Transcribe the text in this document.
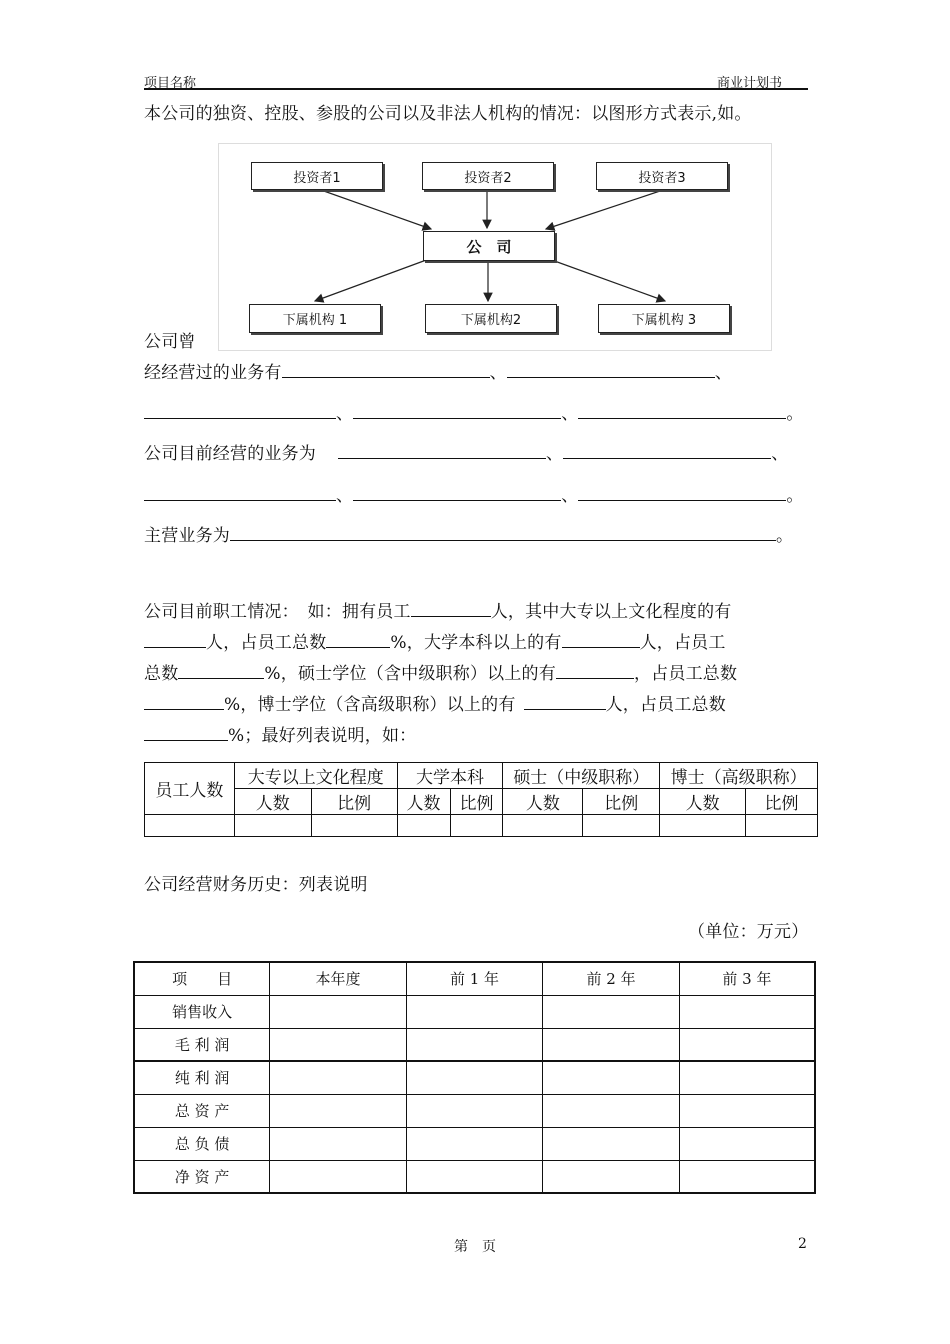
项目名称	商业计划书
本公司的独资、控股、参股的公司以及非法人机构的情况：以图形方式表示,如。
投资者1	投资者2	投资者3
公　司
下属机构 1	下属机构2	下属机构 3
公司曾
经经营过的业务有	、	、
、	、	。
公司目前经营的业务为	、	、
、	、	。
主营业务为	。
公司目前职工情况：　如：拥有员工	人，其中大专以上文化程度的有
人，占员工总数	%，大学本科以上的有	人，占员工
总数	%，硕士学位（含中级职称）以上的有	，占员工总数
%，博士学位（含高级职称）以上的有	人，占员工总数
%；最好列表说明，如：
员工人数	大专以上文化程度		大学本科		硕士（中级职称）		博士（高级职称）	
	人数	比例	人数	比例	人数	比例	人数	比例

公司经营财务历史：列表说明
（单位：万元）
项　　目	本年度	前 1 年	前 2 年	前 3 年
销售收入				
毛 利 润				
纯 利 润				
总 资 产				
总 负 债				
净 资 产				
第　页	2
